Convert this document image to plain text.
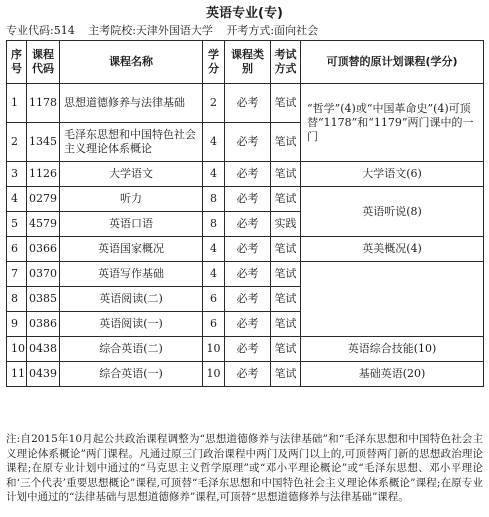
英语专业(专)
专业代码:514 主考院校:天津外国语大学 开考方式:面向社会
序号	课程代码	课程名称	学分	课程类别	考试方式	可顶替的原计划课程(学分)
1	1178	思想道德修养与法律基础	2	必考	笔试	“哲学”(4)或“中国革命史”(4)可顶替“1178”和“1179”两门课中的一门
2	1345	毛泽东思想和中国特色社会主义理论体系概论	4	必考	笔试	
3	1126	大学语文	4	必考	笔试	大学语文(6)
4	0279	听力	8	必考	笔试	英语听说(8)
5	4579	英语口语	8	必考	实践	
6	0366	英语国家概况	4	必考	笔试	英美概况(4)
7	0370	英语写作基础	4	必考	笔试	
8	0385	英语阅读(二)	6	必考	笔试	
9	0386	英语阅读(一)	6	必考	笔试	
10	0438	综合英语(二)	10	必考	笔试	英语综合技能(10)
11	0439	综合英语(一)	10	必考	笔试	基础英语(20)
注:自2015年10月起公共政治课程调整为“思想道德修养与法律基础”和“毛泽东思想和中国特色社会主义理论体系概论”两门课程。凡通过原三门政治课程中两门及两门以上的,可顶替两门新的思想政治理论课程;在原专业计划中通过的“马克思主义哲学原理”或“邓小平理论概论”或“毛泽东思想、邓小平理论和‘三个代表’重要思想概论”课程,可顶替“毛泽东思想和中国特色社会主义理论体系概论”课程;在原专业计划中通过的“法律基础与思想道德修养”课程,可顶替“思想道德修养与法律基础”课程。
